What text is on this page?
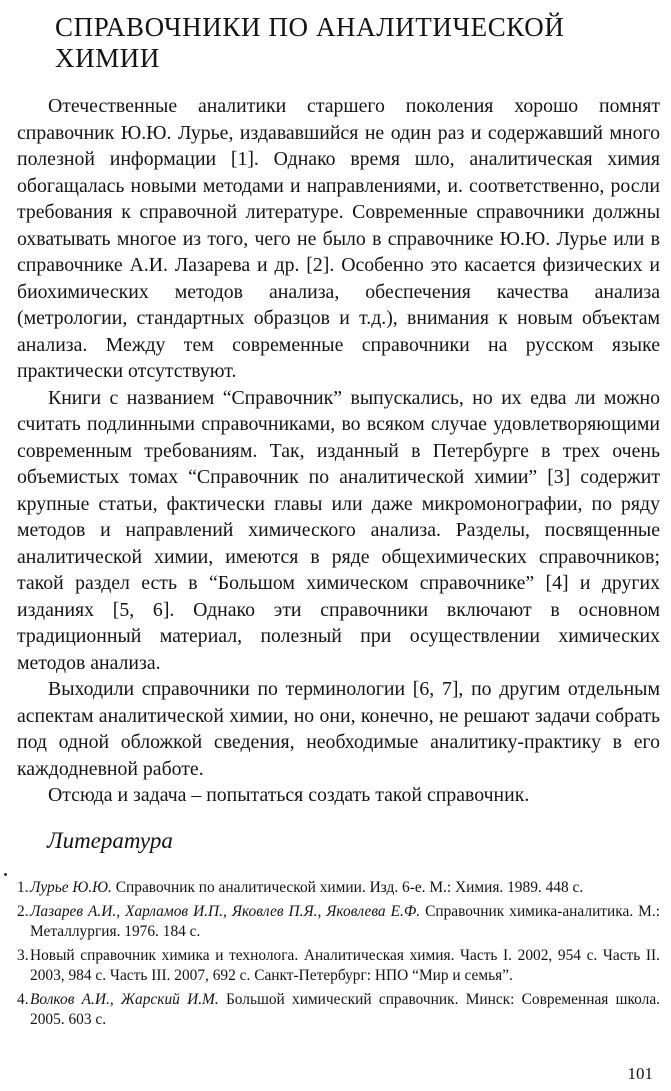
СПРАВОЧНИКИ ПО АНАЛИТИЧЕСКОЙ ХИМИИ

Отечественные аналитики старшего поколения хорошо помнят справочник Ю.Ю. Лурье, издававшийся не один раз и содержавший много полезной информации [1]. Однако время шло, аналитическая химия обогащалась новыми методами и направлениями, и. соответственно, росли требования к справочной литературе. Современные справочники должны охватывать многое из того, чего не было в справочнике Ю.Ю. Лурье или в справочнике А.И. Лазарева и др. [2]. Особенно это касается физических и биохимических методов анализа, обеспечения качества анализа (метрологии, стандартных образцов и т.д.), внимания к новым объектам анализа. Между тем современные справочники на русском языке практически отсутствуют.

Книги с названием “Справочник” выпускались, но их едва ли можно считать подлинными справочниками, во всяком случае удовлетворяющими современным требованиям. Так, изданный в Петербурге в трех очень объемистых томах “Справочник по аналитической химии” [3] содержит крупные статьи, фактически главы или даже микромонографии, по ряду методов и направлений химического анализа. Разделы, посвященные аналитической химии, имеются в ряде общехимических справочников; такой раздел есть в “Большом химическом справочнике” [4] и других изданиях [5, 6]. Однако эти справочники включают в основном традиционный материал, полезный при осуществлении химических методов анализа.

Выходили справочники по терминологии [6, 7], по другим отдельным аспектам аналитической химии, но они, конечно, не решают задачи собрать под одной обложкой сведения, необходимые аналитику-практику в его каждодневной работе.

Отсюда и задача – попытаться создать такой справочник.

Литература
1. Лурье Ю.Ю. Справочник по аналитической химии. Изд. 6-е. М.: Химия. 1989. 448 с.
2. Лазарев А.И., Харламов И.П., Яковлев П.Я., Яковлева Е.Ф. Справочник химика-аналитика. М.: Металлургия. 1976. 184 с.
3. Новый справочник химика и технолога. Аналитическая химия. Часть I. 2002, 954 с. Часть II. 2003, 984 с. Часть III. 2007, 692 с. Санкт-Петербург: НПО “Мир и семья”.
4. Волков А.И., Жарский И.М. Большой химический справочник. Минск: Современная школа. 2005. 603 с.
101
